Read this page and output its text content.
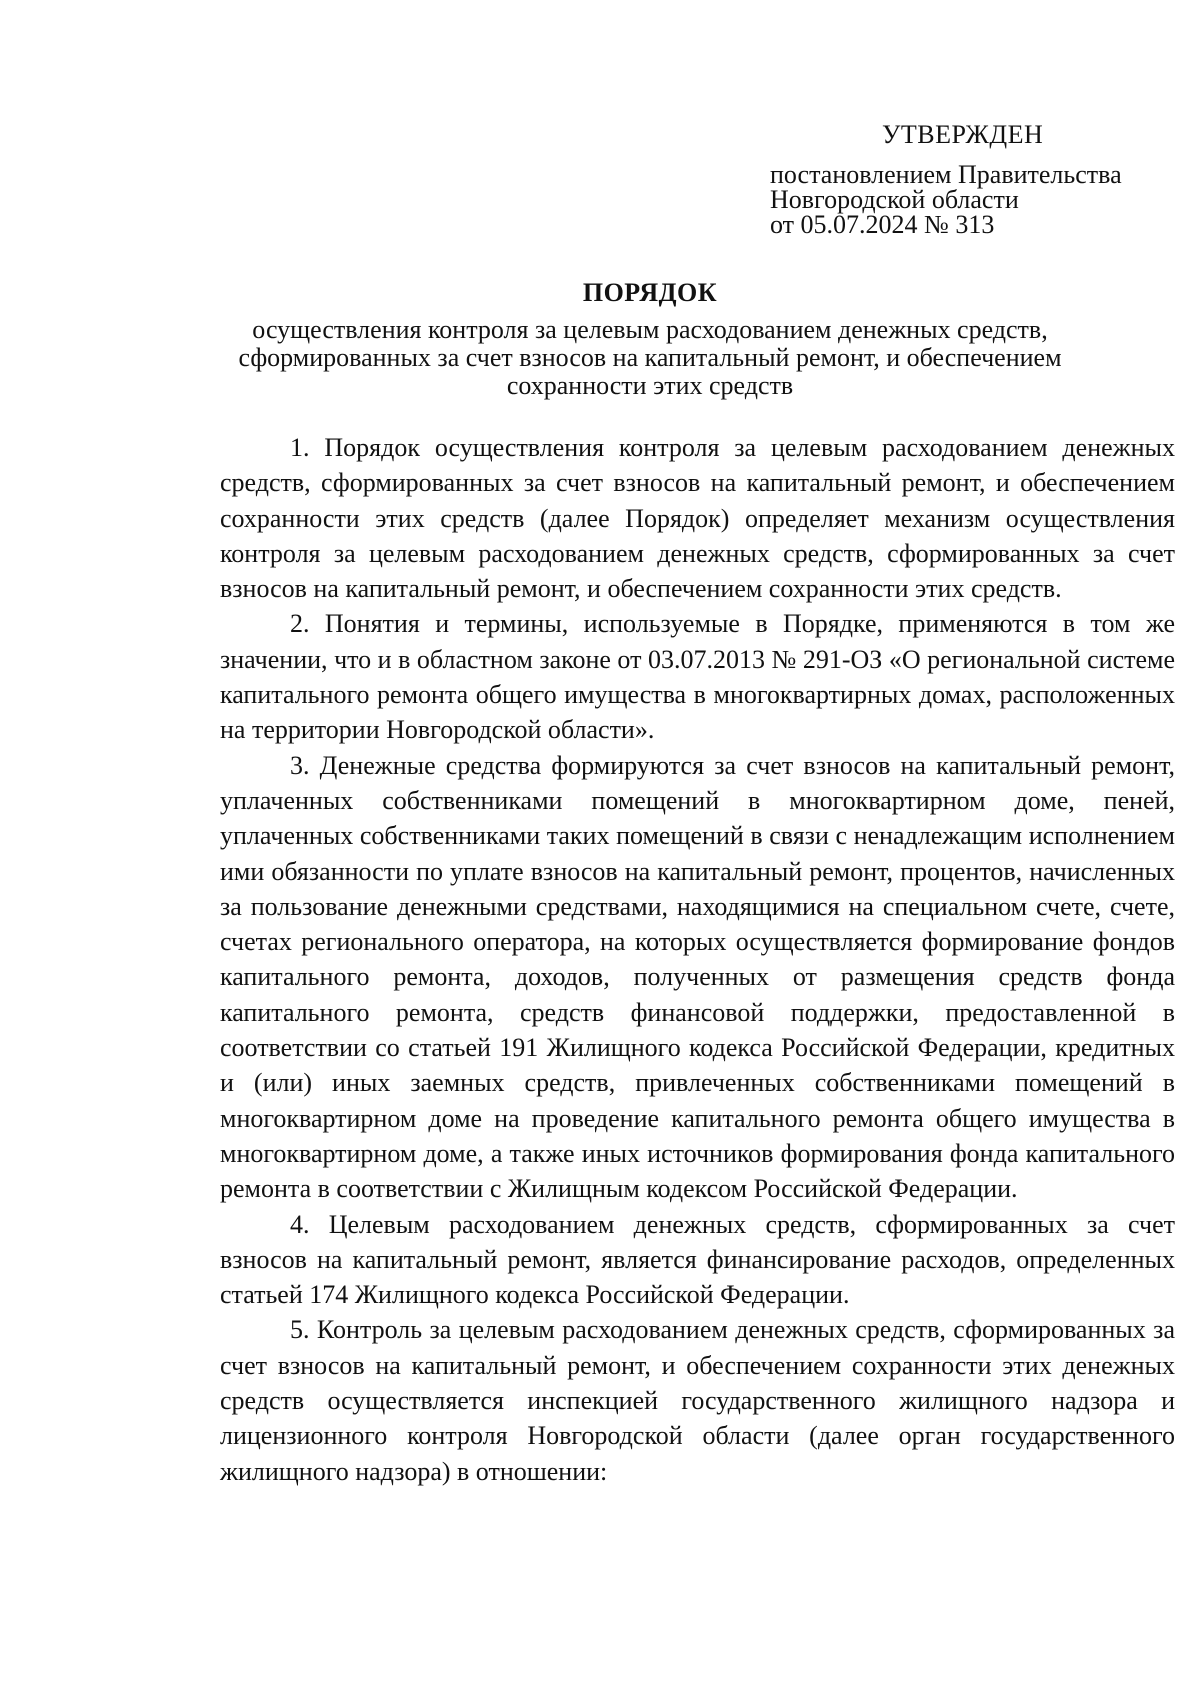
УТВЕРЖДЕН

постановлением Правительства

Новгородской области

от 05.07.2024 № 313

ПОРЯДОК

осуществления контроля за целевым расходованием денежных средств,

сформированных за счет взносов на капитальный ремонт, и обеспечением

сохранности этих средств

1. Порядок осуществления контроля за целевым расходованием денежных средств, сформированных за счет взносов на капитальный ремонт, и обеспечением сохранности этих средств (далее Порядок) определяет механизм осуществления контроля за целевым расходованием денежных средств, сформированных за счет взносов на капитальный ремонт, и обеспечением сохранности этих средств.

2. Понятия и термины, используемые в Порядке, применяются в том же значении, что и в областном законе от 03.07.2013 № 291-ОЗ «О региональной системе капитального ремонта общего имущества в многоквартирных домах, расположенных на территории Новгородской области».

3. Денежные средства формируются за счет взносов на капитальный ремонт, уплаченных собственниками помещений в многоквартирном доме, пеней, уплаченных собственниками таких помещений в связи с ненадлежащим исполнением ими обязанности по уплате взносов на капитальный ремонт, процентов, начисленных за пользование денежными средствами, находящимися на специальном счете, счете, счетах регионального оператора, на которых осуществляется формирование фондов капитального ремонта, доходов, полученных от размещения средств фонда капитального ремонта, средств финансовой поддержки, предоставленной в соответствии со статьей 191 Жилищного кодекса Российской Федерации, кредитных и (или) иных заемных средств, привлеченных собственниками помещений в многоквартирном доме на проведение капитального ремонта общего имущества в многоквартирном доме, а также иных источников формирования фонда капитального ремонта в соответствии с Жилищным кодексом Российской Федерации.

4. Целевым расходованием денежных средств, сформированных за счет взносов на капитальный ремонт, является финансирование расходов, определенных статьей 174 Жилищного кодекса Российской Федерации.

5. Контроль за целевым расходованием денежных средств, сформированных за счет взносов на капитальный ремонт, и обеспечением сохранности этих денежных средств осуществляется инспекцией государственного жилищного надзора и лицензионного контроля Новгородской области (далее орган государственного жилищного надзора) в отношении:
